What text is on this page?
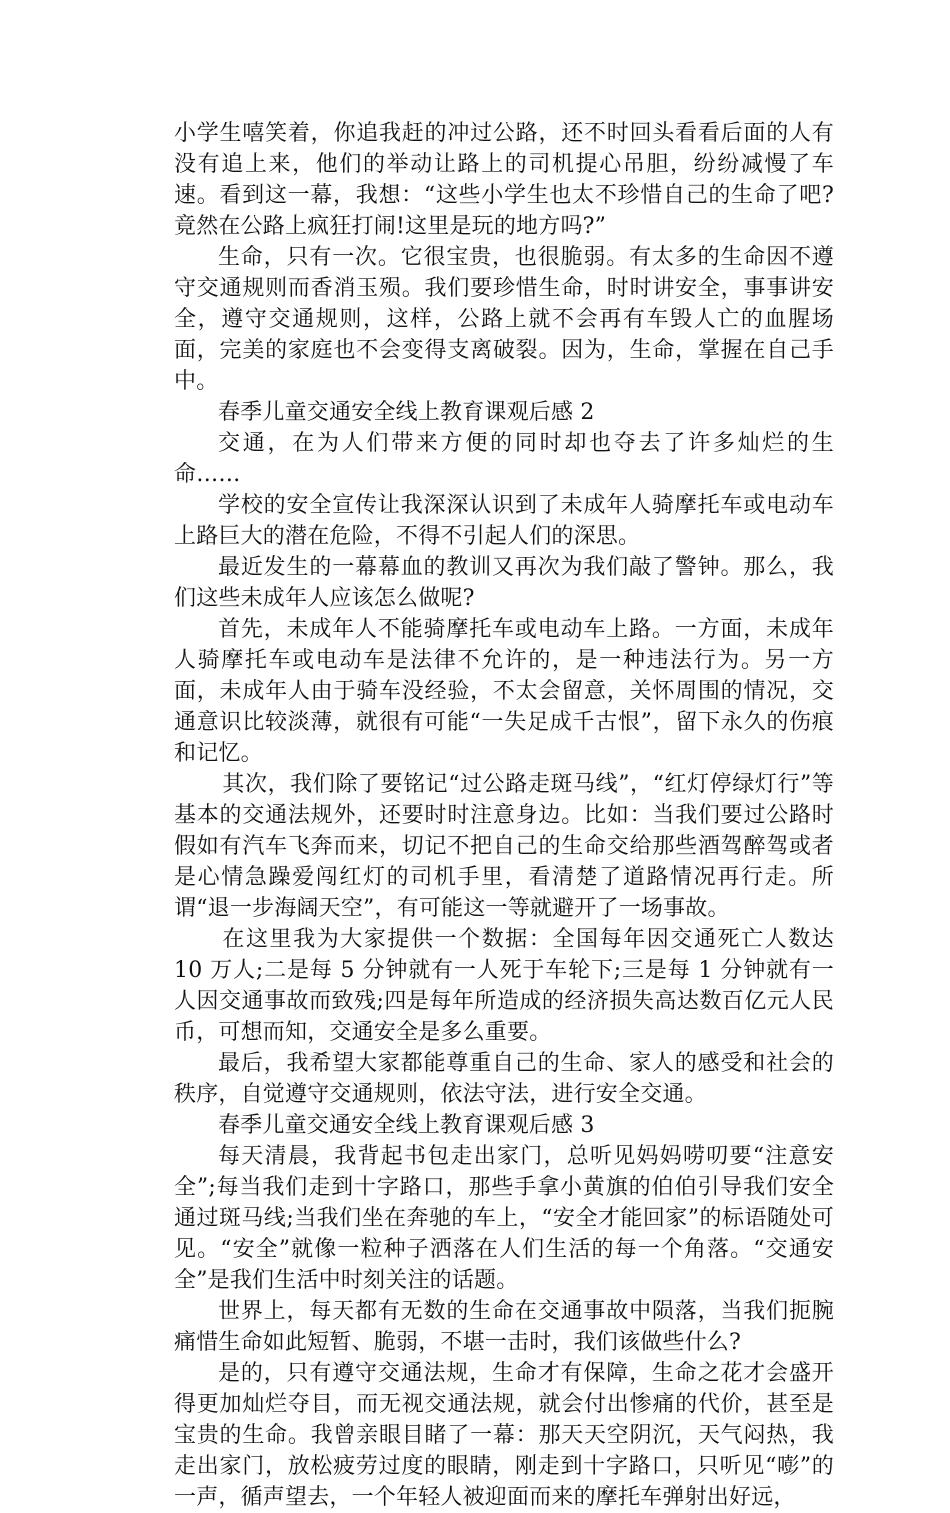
小学生嘻笑着，你追我赶的冲过公路，还不时回头看看后面的人有没有追上来，他们的举动让路上的司机提心吊胆，纷纷减慢了车速。看到这一幕，我想：“这些小学生也太不珍惜自己的生命了吧?竟然在公路上疯狂打闹!这里是玩的地方吗?”

生命，只有一次。它很宝贵，也很脆弱。有太多的生命因不遵守交通规则而香消玉殒。我们要珍惜生命，时时讲安全，事事讲安全，遵守交通规则，这样，公路上就不会再有车毁人亡的血腥场面，完美的家庭也不会变得支离破裂。因为，生命，掌握在自己手中。

春季儿童交通安全线上教育课观后感 2

交通，在为人们带来方便的同时却也夺去了许多灿烂的生命……

学校的安全宣传让我深深认识到了未成年人骑摩托车或电动车上路巨大的潜在危险，不得不引起人们的深思。

最近发生的一幕幕血的教训又再次为我们敲了警钟。那么，我们这些未成年人应该怎么做呢?

首先，未成年人不能骑摩托车或电动车上路。一方面，未成年人骑摩托车或电动车是法律不允许的，是一种违法行为。另一方面，未成年人由于骑车没经验，不太会留意，关怀周围的情况，交通意识比较淡薄，就很有可能“一失足成千古恨”，留下永久的伤痕和记忆。

其次，我们除了要铭记“过公路走斑马线”，“红灯停绿灯行”等基本的交通法规外，还要时时注意身边。比如：当我们要过公路时假如有汽车飞奔而来，切记不把自己的生命交给那些酒驾醉驾或者是心情急躁爱闯红灯的司机手里，看清楚了道路情况再行走。所谓“退一步海阔天空”，有可能这一等就避开了一场事故。

在这里我为大家提供一个数据：全国每年因交通死亡人数达 10 万人;二是每 5 分钟就有一人死于车轮下;三是每 1 分钟就有一人因交通事故而致残;四是每年所造成的经济损失高达数百亿元人民币，可想而知，交通安全是多么重要。

最后，我希望大家都能尊重自己的生命、家人的感受和社会的秩序，自觉遵守交通规则，依法守法，进行安全交通。

春季儿童交通安全线上教育课观后感 3

每天清晨，我背起书包走出家门，总听见妈妈唠叨要“注意安全”;每当我们走到十字路口，那些手拿小黄旗的伯伯引导我们安全通过斑马线;当我们坐在奔驰的车上，“安全才能回家”的标语随处可见。“安全”就像一粒种子洒落在人们生活的每一个角落。“交通安全”是我们生活中时刻关注的话题。

世界上，每天都有无数的生命在交通事故中陨落，当我们扼腕痛惜生命如此短暂、脆弱，不堪一击时，我们该做些什么?

是的，只有遵守交通法规，生命才有保障，生命之花才会盛开得更加灿烂夺目，而无视交通法规，就会付出惨痛的代价，甚至是宝贵的生命。我曾亲眼目睹了一幕：那天天空阴沉，天气闷热，我走出家门，放松疲劳过度的眼睛，刚走到十字路口，只听见“嘭”的一声，循声望去，一个年轻人被迎面而来的摩托车弹射出好远，
